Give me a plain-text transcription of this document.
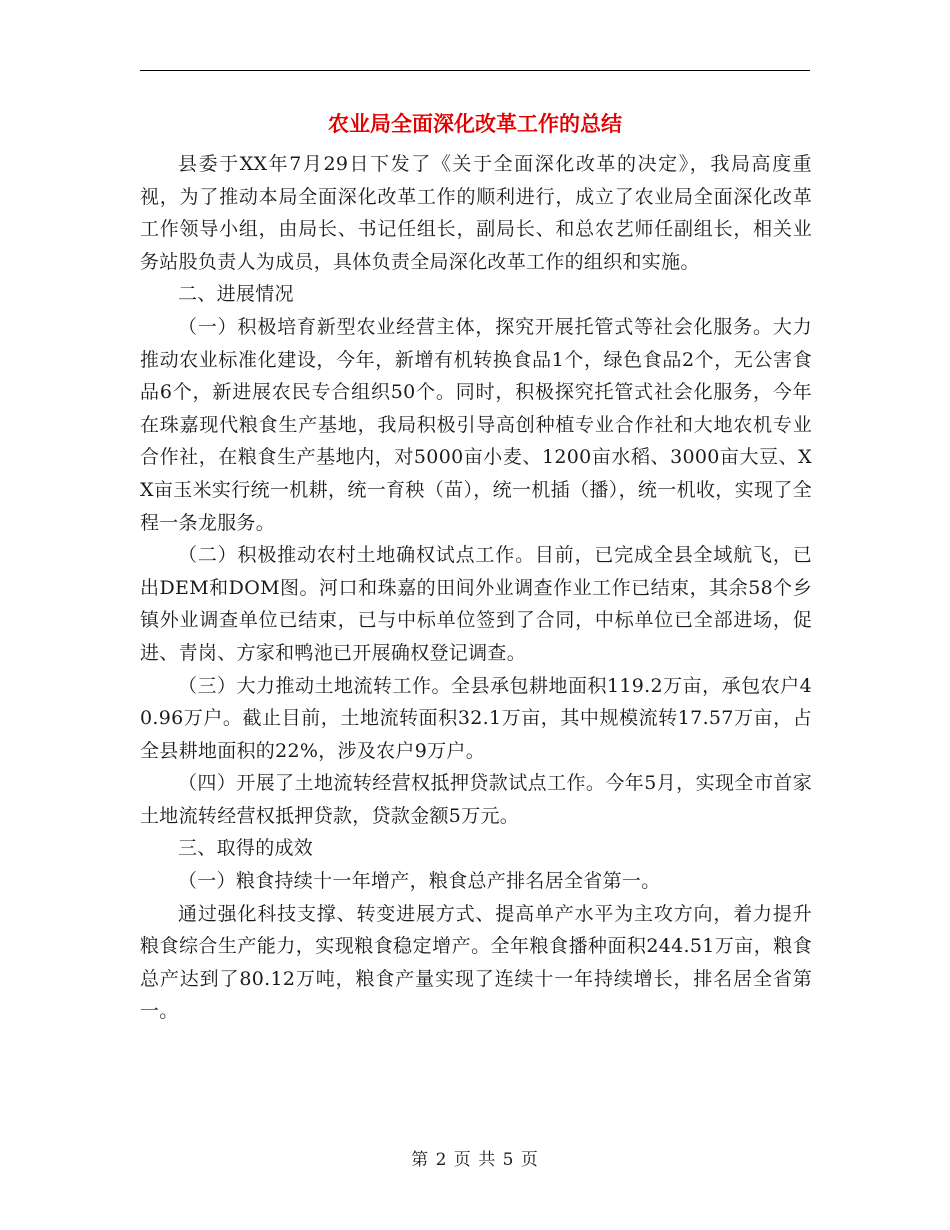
农业局全面深化改革工作的总结

县委于XX年7月29日下发了《关于全面深化改革的决定》，我局高度重视，为了推动本局全面深化改革工作的顺利进行，成立了农业局全面深化改革工作领导小组，由局长、书记任组长，副局长、和总农艺师任副组长，相关业务站股负责人为成员，具体负责全局深化改革工作的组织和实施。

二、进展情况

（一）积极培育新型农业经营主体，探究开展托管式等社会化服务。大力推动农业标准化建设，今年，新增有机转换食品1个，绿色食品2个，无公害食品6个，新进展农民专合组织50个。同时，积极探究托管式社会化服务，今年在珠嘉现代粮食生产基地，我局积极引导高创种植专业合作社和大地农机专业合作社，在粮食生产基地内，对5000亩小麦、1200亩水稻、3000亩大豆、XX亩玉米实行统一机耕，统一育秧（苗），统一机插（播），统一机收，实现了全程一条龙服务。

（二）积极推动农村土地确权试点工作。目前，已完成全县全域航飞，已出DEM和DOM图。河口和珠嘉的田间外业调查作业工作已结束，其余58个乡镇外业调查单位已结束，已与中标单位签到了合同，中标单位已全部进场，促进、青岗、方家和鸭池已开展确权登记调查。

（三）大力推动土地流转工作。全县承包耕地面积119.2万亩，承包农户40.96万户。截止目前，土地流转面积32.1万亩，其中规模流转17.57万亩，占全县耕地面积的22%，涉及农户9万户。

（四）开展了土地流转经营权抵押贷款试点工作。今年5月，实现全市首家土地流转经营权抵押贷款，贷款金额5万元。

三、取得的成效

（一）粮食持续十一年增产，粮食总产排名居全省第一。

通过强化科技支撑、转变进展方式、提高单产水平为主攻方向，着力提升粮食综合生产能力，实现粮食稳定增产。全年粮食播种面积244.51万亩，粮食总产达到了80.12万吨，粮食产量实现了连续十一年持续增长，排名居全省第一。

第 2 页 共 5 页
